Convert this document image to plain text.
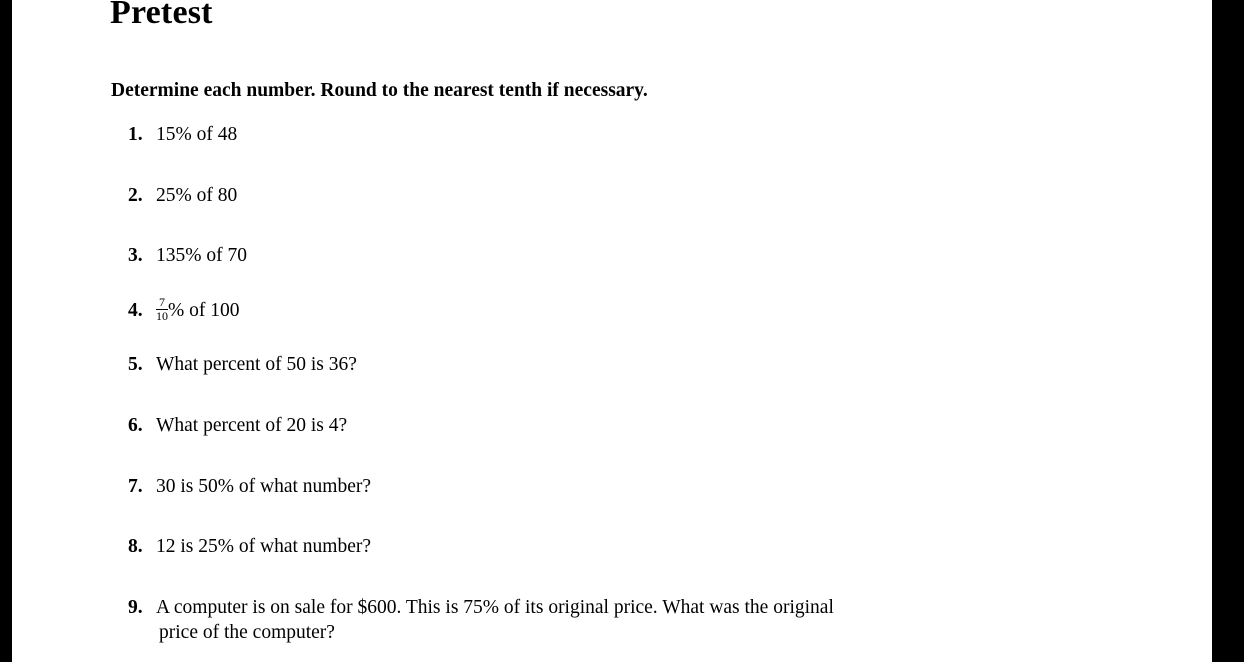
Pretest
Determine each number. Round to the nearest tenth if necessary.
1. 15% of 48
2. 25% of 80
3. 135% of 70
4. $\frac{7}{10}$ % of 100
5. What percent of 50 is 36?
6. What percent of 20 is 4?
7. 30 is 50% of what number?
8. 12 is 25% of what number?
9. A computer is on sale for $600. This is 75% of its original price. What was the original
price of the computer?
